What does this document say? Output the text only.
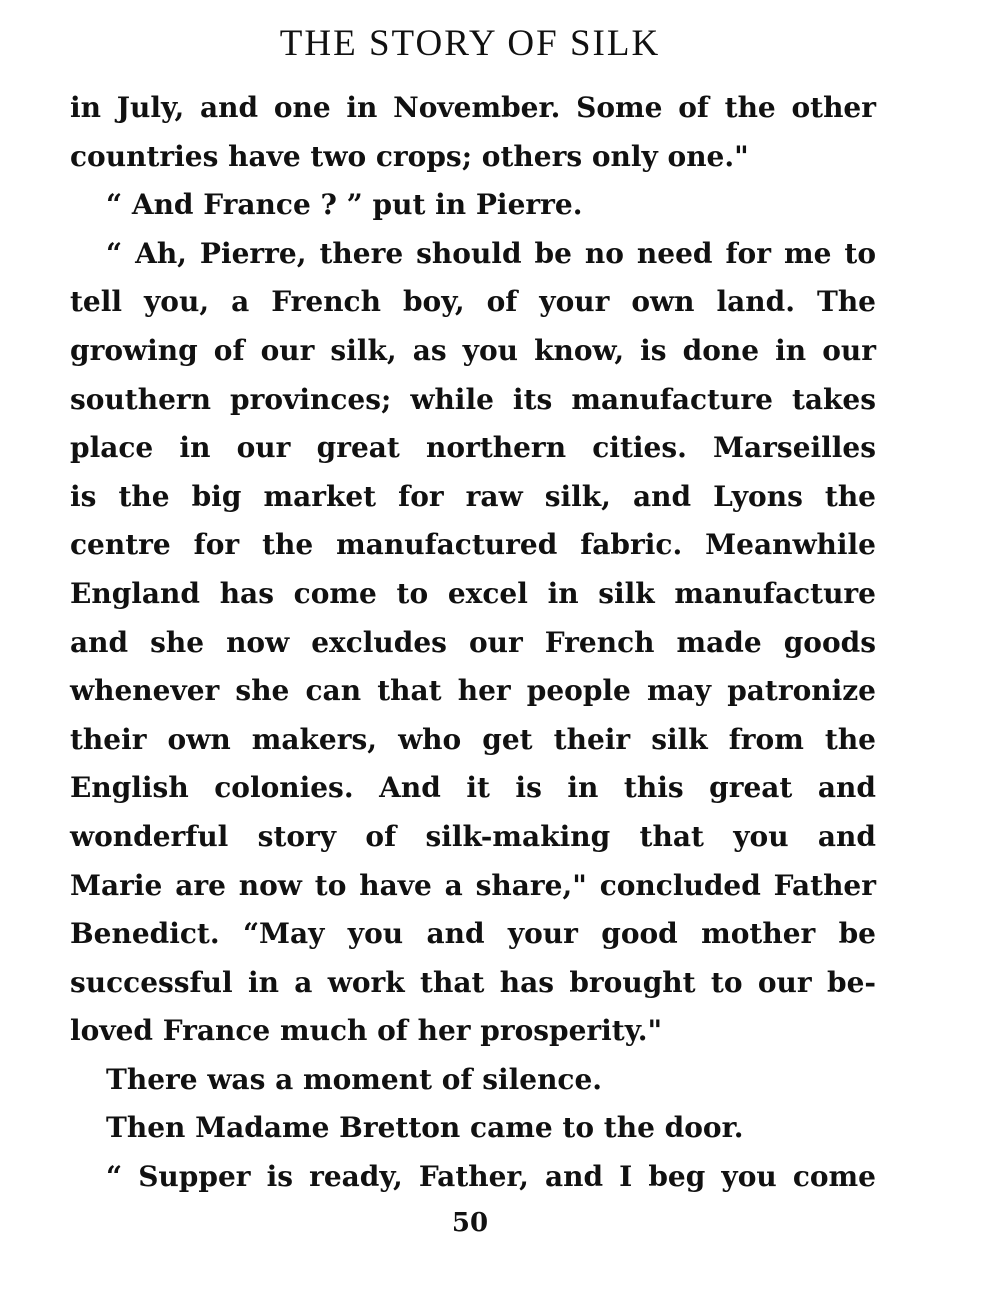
THE STORY OF SILK
in July, and one in November. Some of the other
countries have two crops; others only one."
“ And France ? ” put in Pierre.
“ Ah, Pierre, there should be no need for me to
tell you, a French boy, of your own land. The
growing of our silk, as you know, is done in our
southern provinces; while its manufacture takes
place in our great northern cities. Marseilles
is the big market for raw silk, and Lyons the
centre for the manufactured fabric. Meanwhile
England has come to excel in silk manufacture
and she now excludes our French made goods
whenever she can that her people may patronize
their own makers, who get their silk from the
English colonies. And it is in this great and
wonderful story of silk-making that you and
Marie are now to have a share," concluded Father
Benedict. “May you and your good mother be
successful in a work that has brought to our be-
loved France much of her prosperity."
There was a moment of silence.
Then Madame Bretton came to the door.
“ Supper is ready, Father, and I beg you come
50
